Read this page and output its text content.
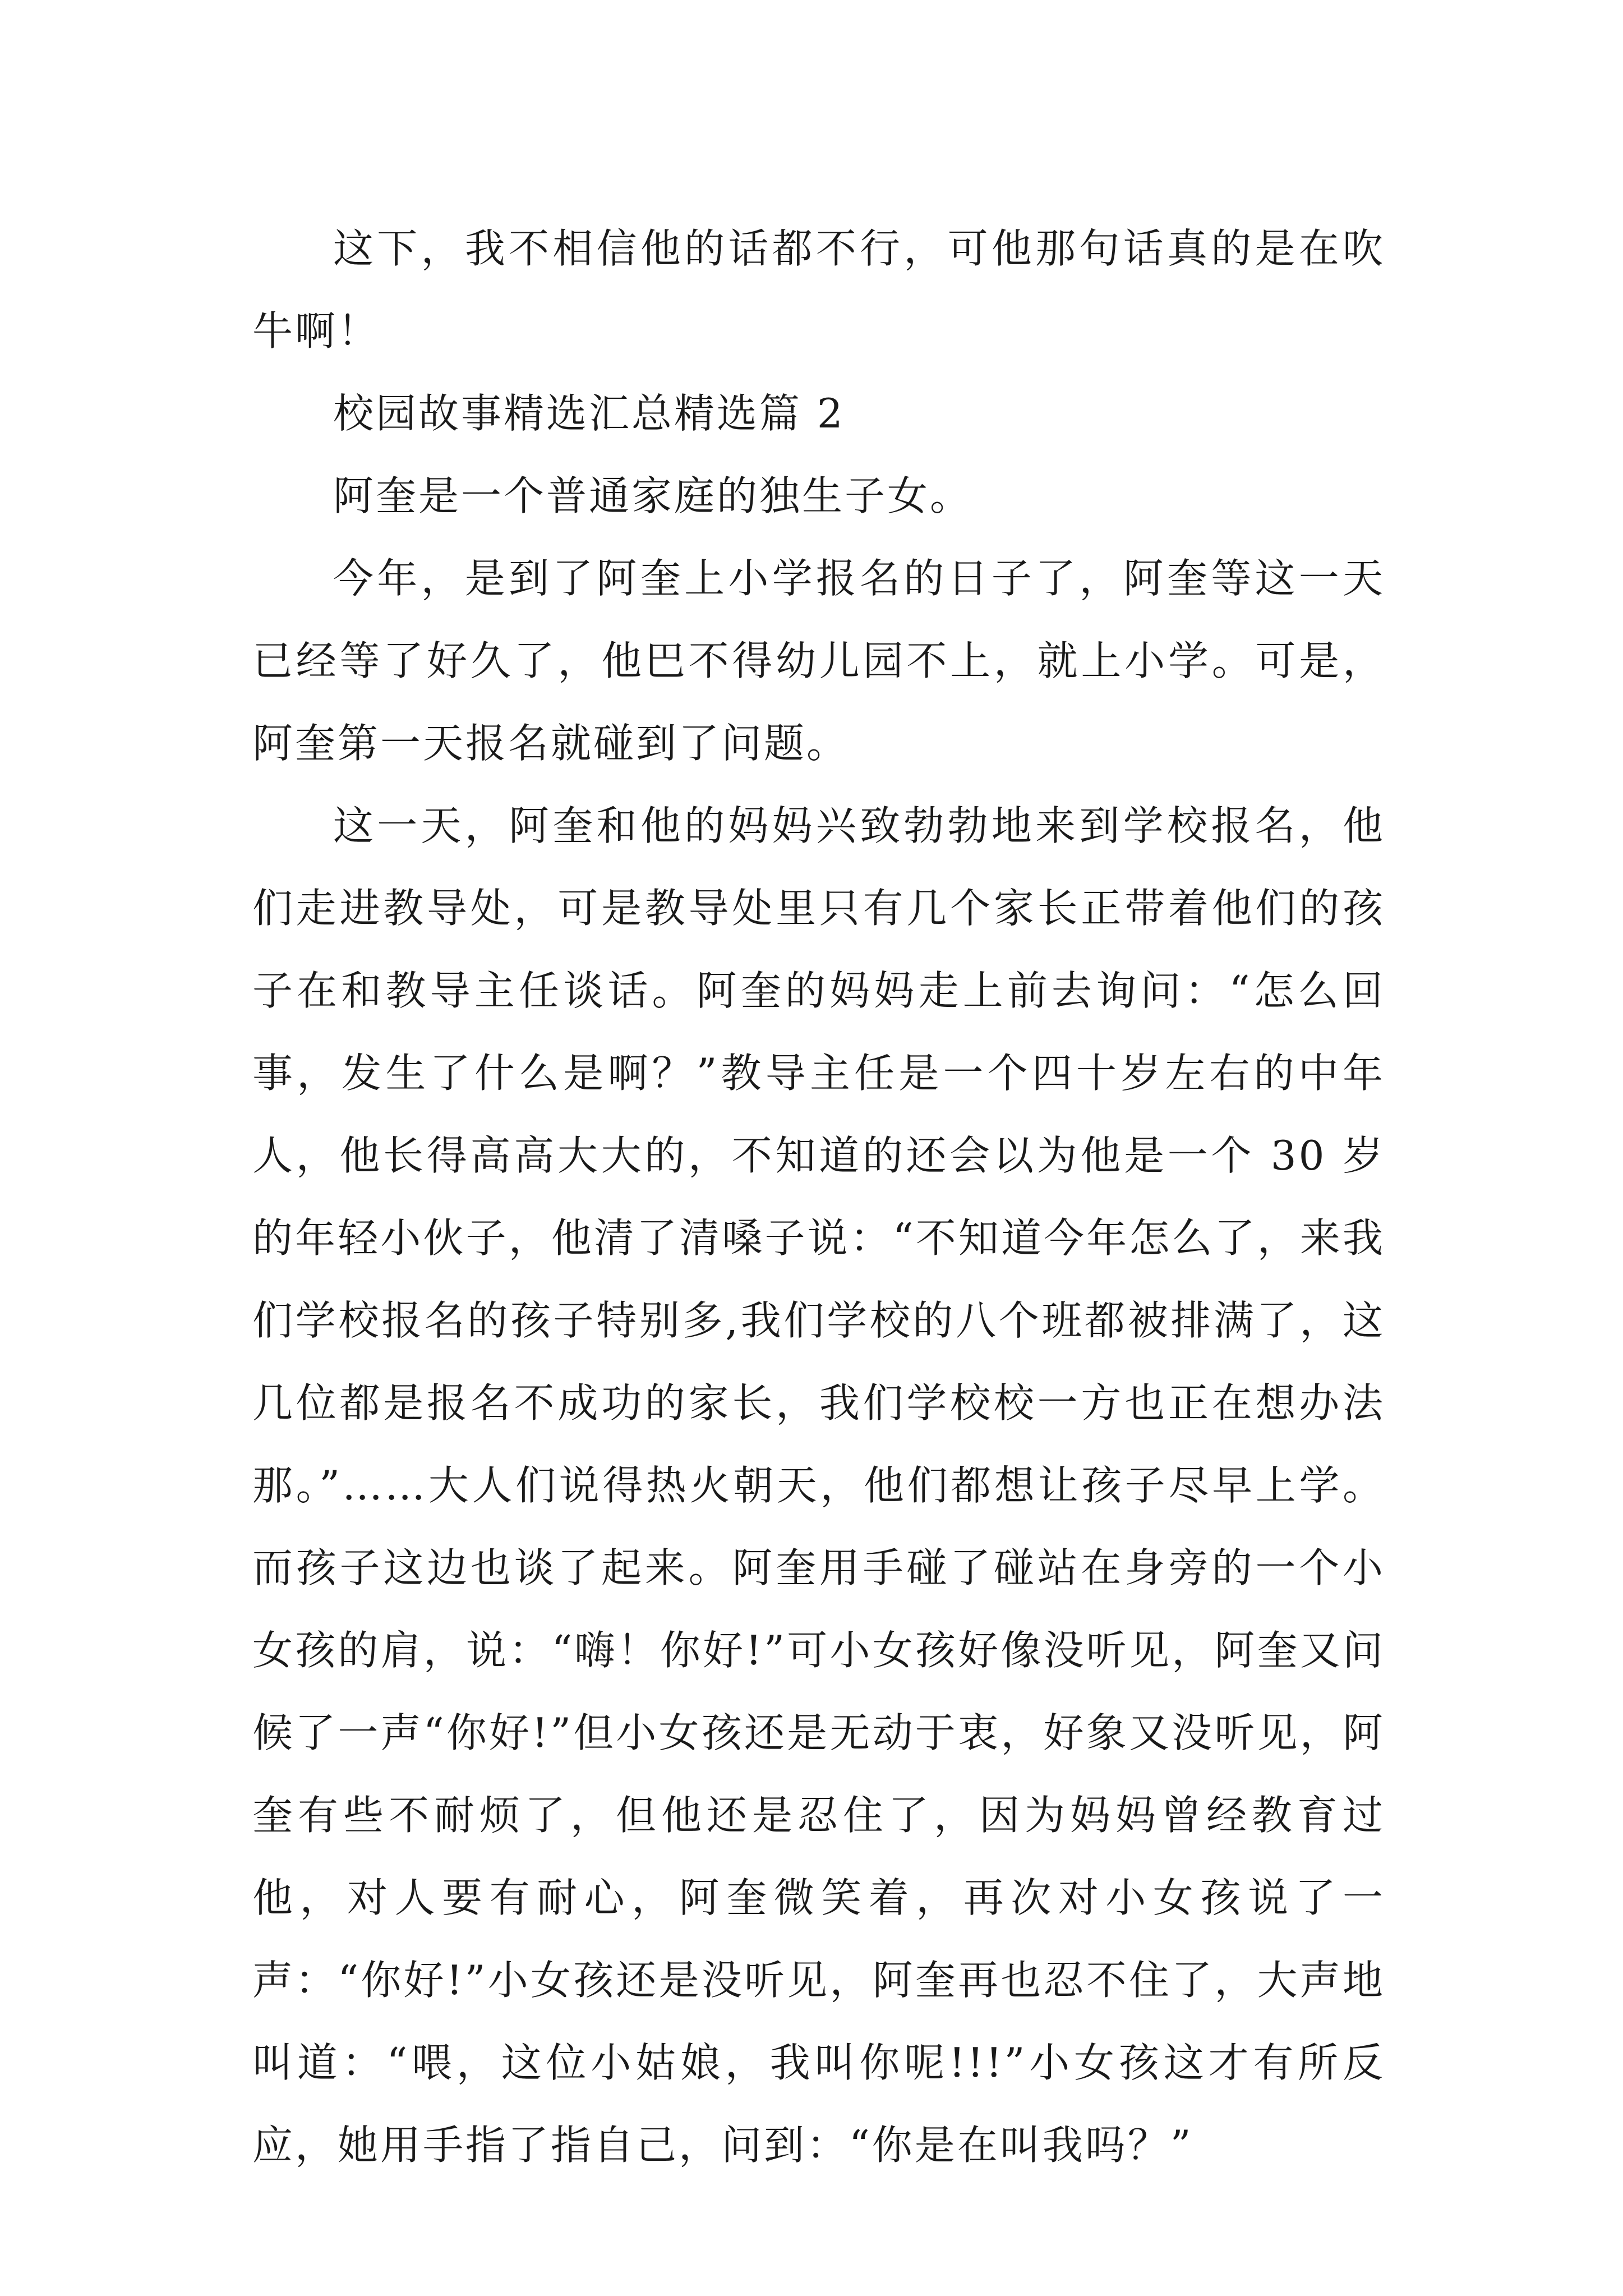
这下，我不相信他的话都不行，可他那句话真的是在吹牛啊！

校园故事精选汇总精选篇 2

阿奎是一个普通家庭的独生子女。

今年，是到了阿奎上小学报名的日子了，阿奎等这一天已经等了好久了，他巴不得幼儿园不上，就上小学。可是，阿奎第一天报名就碰到了问题。

这一天，阿奎和他的妈妈兴致勃勃地来到学校报名，他们走进教导处，可是教导处里只有几个家长正带着他们的孩子在和教导主任谈话。阿奎的妈妈走上前去询问：“怎么回事，发生了什么是啊？”教导主任是一个四十岁左右的中年人，他长得高高大大的，不知道的还会以为他是一个 30 岁的年轻小伙子，他清了清嗓子说：“不知道今年怎么了，来我们学校报名的孩子特别多,我们学校的八个班都被排满了，这几位都是报名不成功的家长，我们学校校一方也正在想办法那。”……大人们说得热火朝天，他们都想让孩子尽早上学。而孩子这边也谈了起来。阿奎用手碰了碰站在身旁的一个小女孩的肩，说：“嗨！你好!”可小女孩好像没听见，阿奎又问候了一声“你好!”但小女孩还是无动于衷，好象又没听见，阿奎有些不耐烦了，但他还是忍住了，因为妈妈曾经教育过他，对人要有耐心，阿奎微笑着，再次对小女孩说了一声：“你好!”小女孩还是没听见，阿奎再也忍不住了，大声地叫道：“喂，这位小姑娘，我叫你呢!!!”小女孩这才有所反应，她用手指了指自己，问到：“你是在叫我吗？”
